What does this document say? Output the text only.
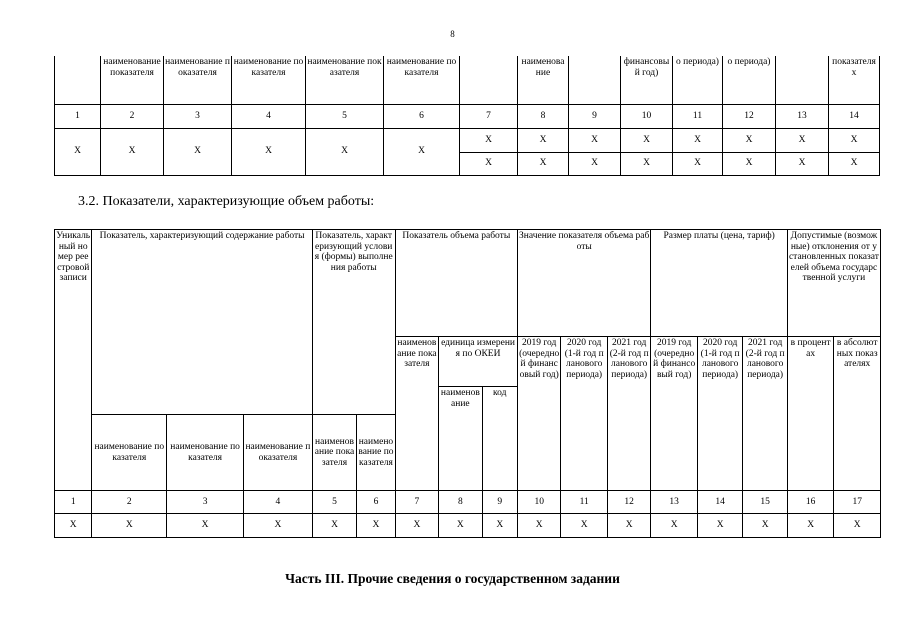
8
	наименование показателя	наименование показателя	наименование показателя	наименование показателя	наименование показателя		наименование		финансовый год)	о периода)	о периода)		показателях
1	2	3	4	5	6	7	8	9	10	11	12	13	14
Х	Х	Х	Х	Х	Х	Х	Х	Х	Х	Х	Х	Х	Х
						Х	Х	Х	Х	Х	Х	Х	Х
3.2. Показатели, характеризующие объем работы:
Уникальный номер реестровой записи	Показатель, характеризующий содержание работы			Показатель, характеризующий условия (формы) выполнения работы		Показатель объема работы			Значение показателя объема работы			Размер платы (цена, тариф)			Допустимые (возможные) отклонения от установленных показателей объема государственной услуги	
						наименование показателя	единица измерения по ОКЕИ		2019 год (очередной финансовый год)	2020 год (1-й год планового периода)	2021 год (2-й год планового периода)	2019 год (очередной финансовый год)	2020 год (1-й год планового периода)	2021 год (2-й год планового периода)	в процентах	в абсолютных показателях
							наименование	код								
	наименование показателя	наименование показателя	наименование показателя	наименование показателя	наименование показателя											
1	2	3	4	5	6	7	8	9	10	11	12	13	14	15	16	17
Х	Х	Х	Х	Х	Х	Х	Х	Х	Х	Х	Х	Х	Х	Х	Х	Х
Часть III. Прочие сведения о государственном задании
